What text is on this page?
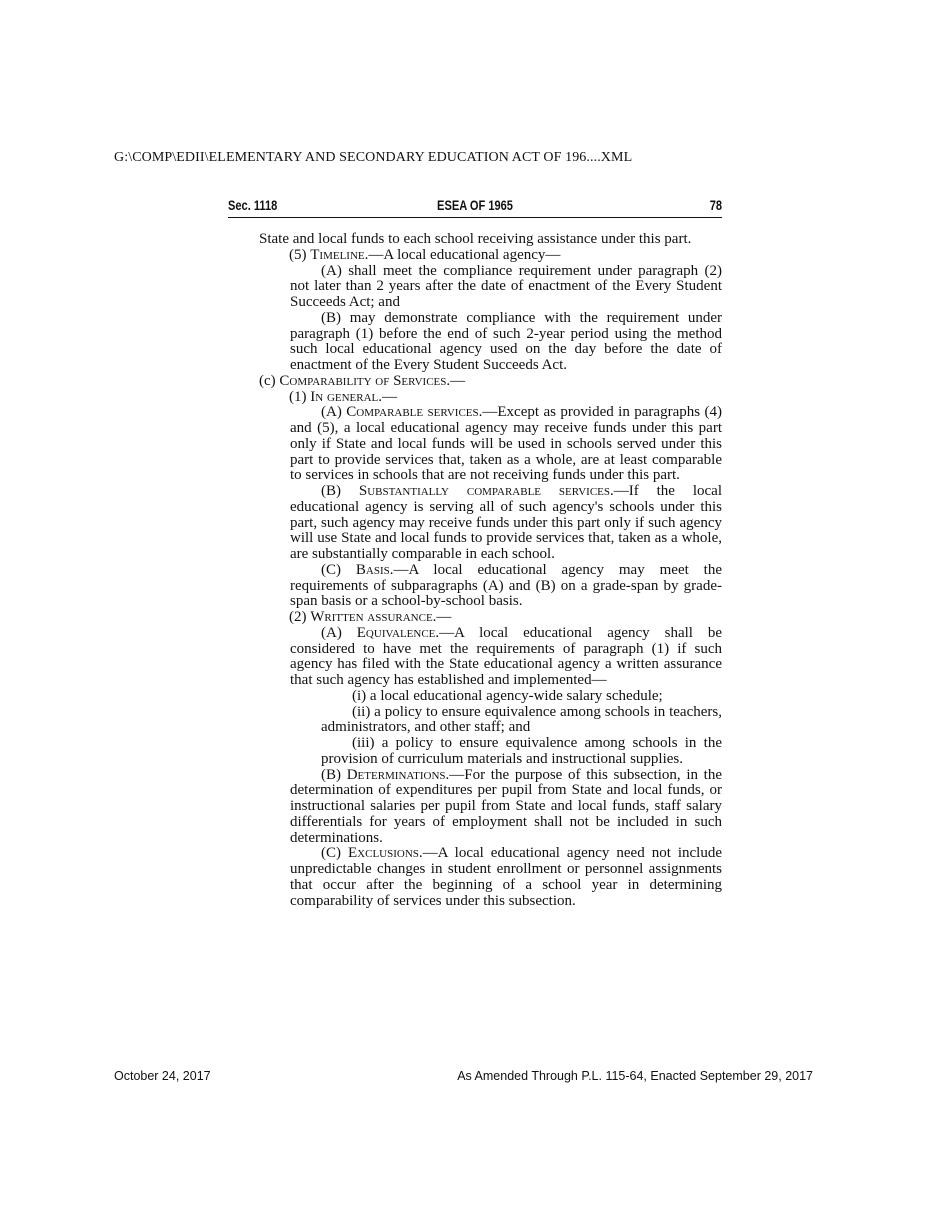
G:\COMP\EDII\ELEMENTARY AND SECONDARY EDUCATION ACT OF 196....XML
Sec. 1118	ESEA OF 1965	78

State and local funds to each school receiving assistance under this part.

(5) Timeline.—A local educational agency—

(A) shall meet the compliance requirement under paragraph (2) not later than 2 years after the date of enactment of the Every Student Succeeds Act; and

(B) may demonstrate compliance with the requirement under paragraph (1) before the end of such 2-year period using the method such local educational agency used on the day before the date of enactment of the Every Student Succeeds Act.

(c) Comparability of Services.—

(1) In general.—

(A) Comparable services.—Except as provided in paragraphs (4) and (5), a local educational agency may receive funds under this part only if State and local funds will be used in schools served under this part to provide services that, taken as a whole, are at least comparable to services in schools that are not receiving funds under this part.

(B) Substantially comparable services.—If the local educational agency is serving all of such agency's schools under this part, such agency may receive funds under this part only if such agency will use State and local funds to provide services that, taken as a whole, are substantially comparable in each school.

(C) Basis.—A local educational agency may meet the requirements of subparagraphs (A) and (B) on a grade-span by grade-span basis or a school-by-school basis.

(2) Written assurance.—

(A) Equivalence.—A local educational agency shall be considered to have met the requirements of paragraph (1) if such agency has filed with the State educational agency a written assurance that such agency has established and implemented—

(i) a local educational agency-wide salary schedule;

(ii) a policy to ensure equivalence among schools in teachers, administrators, and other staff; and

(iii) a policy to ensure equivalence among schools in the provision of curriculum materials and instructional supplies.

(B) Determinations.—For the purpose of this subsection, in the determination of expenditures per pupil from State and local funds, or instructional salaries per pupil from State and local funds, staff salary differentials for years of employment shall not be included in such determinations.

(C) Exclusions.—A local educational agency need not include unpredictable changes in student enrollment or personnel assignments that occur after the beginning of a school year in determining comparability of services under this subsection.

October 24, 2017	As Amended Through P.L. 115-64, Enacted September 29, 2017
